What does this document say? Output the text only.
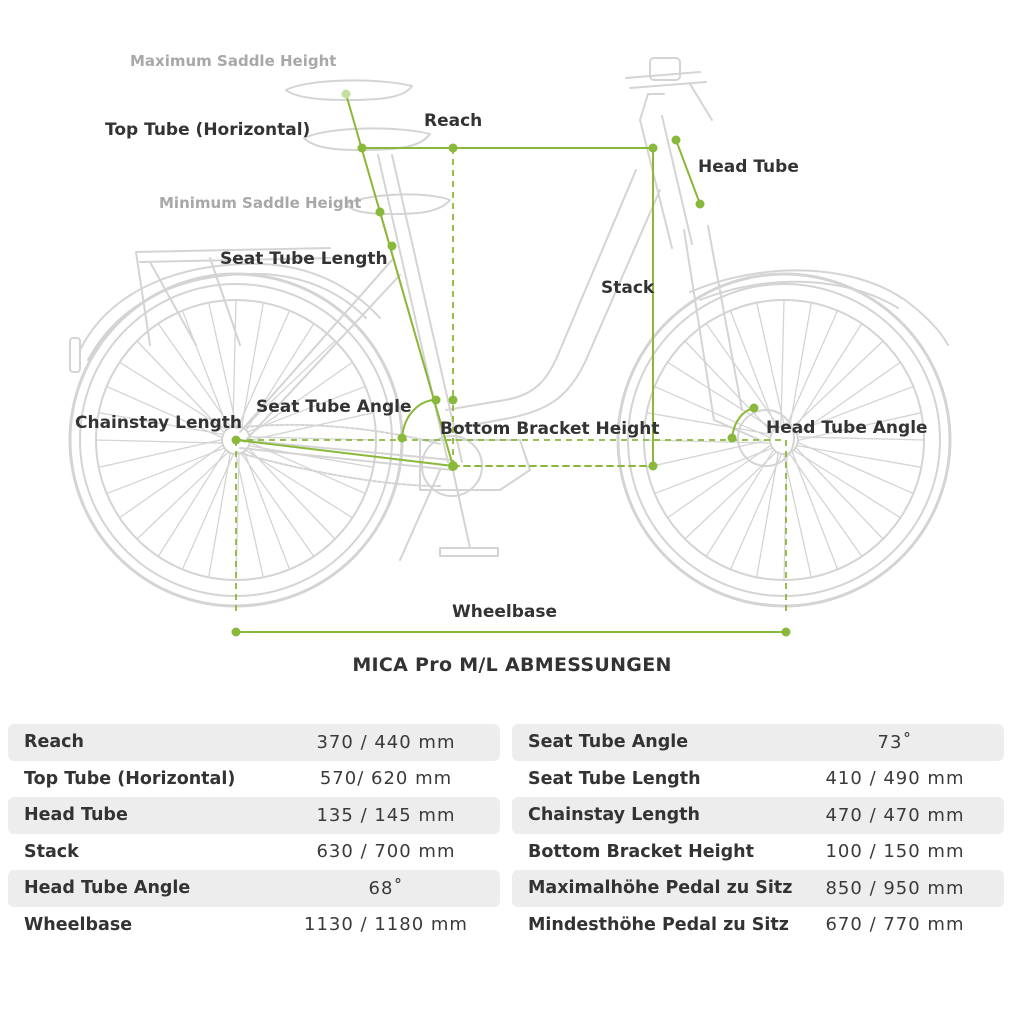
Maximum Saddle Height
Top Tube (Horizontal)	Reach
Head Tube
Minimum Saddle Height
Seat Tube Length
Stack
Seat Tube Angle
Chainstay Length	Bottom Bracket Height	Head Tube Angle
Wheelbase
MICA Pro M/L ABMESSUNGEN
Reach	370 / 440 mm
Top Tube (Horizontal)	570/ 620 mm
Head Tube	135 / 145 mm
Stack	630 / 700 mm
Head Tube Angle	68˚
Wheelbase	1130 / 1180 mm
Seat Tube Angle	73˚
Seat Tube Length	410 / 490 mm
Chainstay Length	470 / 470 mm
Bottom Bracket Height	100 / 150 mm
Maximalhöhe Pedal zu Sitz	850 / 950 mm
Mindesthöhe Pedal zu Sitz	670 / 770 mm
